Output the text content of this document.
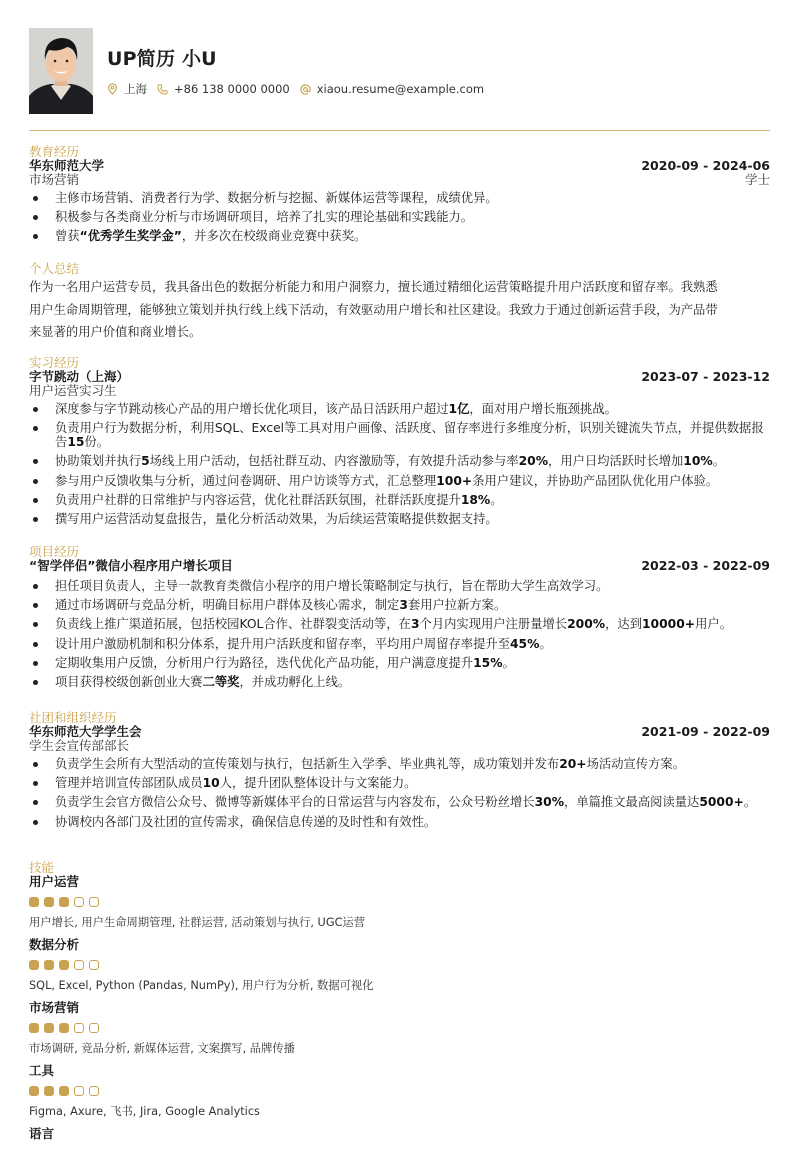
UP简历 小U
上海 +86 138 0000 0000 xiaou.resume@example.com
教育经历
华东师范大学	2020-09 - 2024-06
市场营销	学士
主修市场营销、消费者行为学、数据分析与挖掘、新媒体运营等课程，成绩优异。
积极参与各类商业分析与市场调研项目，培养了扎实的理论基础和实践能力。
曾获“优秀学生奖学金”，并多次在校级商业竞赛中获奖。
个人总结
作为一名用户运营专员，我具备出色的数据分析能力和用户洞察力，擅长通过精细化运营策略提升用户活跃度和留存率。我熟悉
用户生命周期管理，能够独立策划并执行线上线下活动，有效驱动用户增长和社区建设。我致力于通过创新运营手段，为产品带
来显著的用户价值和商业增长。
实习经历
字节跳动（上海）	2023-07 - 2023-12
用户运营实习生
深度参与字节跳动核心产品的用户增长优化项目，该产品日活跃用户超过1亿，面对用户增长瓶颈挑战。
负责用户行为数据分析，利用SQL、Excel等工具对用户画像、活跃度、留存率进行多维度分析，识别关键流失节点，并提供数据报告15份。
协助策划并执行5场线上用户活动，包括社群互动、内容激励等，有效提升活动参与率20%，用户日均活跃时长增加10%。
参与用户反馈收集与分析，通过问卷调研、用户访谈等方式，汇总整理100+条用户建议，并协助产品团队优化用户体验。
负责用户社群的日常维护与内容运营，优化社群活跃氛围，社群活跃度提升18%。
撰写用户运营活动复盘报告，量化分析活动效果，为后续运营策略提供数据支持。
项目经历
“智学伴侣”微信小程序用户增长项目	2022-03 - 2022-09
担任项目负责人，主导一款教育类微信小程序的用户增长策略制定与执行，旨在帮助大学生高效学习。
通过市场调研与竞品分析，明确目标用户群体及核心需求，制定3套用户拉新方案。
负责线上推广渠道拓展，包括校园KOL合作、社群裂变活动等，在3个月内实现用户注册量增长200%，达到10000+用户。
设计用户激励机制和积分体系，提升用户活跃度和留存率，平均用户周留存率提升至45%。
定期收集用户反馈，分析用户行为路径，迭代优化产品功能，用户满意度提升15%。
项目获得校级创新创业大赛二等奖，并成功孵化上线。
社团和组织经历
华东师范大学学生会	2021-09 - 2022-09
学生会宣传部部长
负责学生会所有大型活动的宣传策划与执行，包括新生入学季、毕业典礼等，成功策划并发布20+场活动宣传方案。
管理并培训宣传部团队成员10人，提升团队整体设计与文案能力。
负责学生会官方微信公众号、微博等新媒体平台的日常运营与内容发布，公众号粉丝增长30%，单篇推文最高阅读量达5000+。
协调校内各部门及社团的宣传需求，确保信息传递的及时性和有效性。
技能
用户运营
用户增长, 用户生命周期管理, 社群运营, 活动策划与执行, UGC运营
数据分析
SQL, Excel, Python (Pandas, NumPy), 用户行为分析, 数据可视化
市场营销
市场调研, 竞品分析, 新媒体运营, 文案撰写, 品牌传播
工具
Figma, Axure, 飞书, Jira, Google Analytics
语言
